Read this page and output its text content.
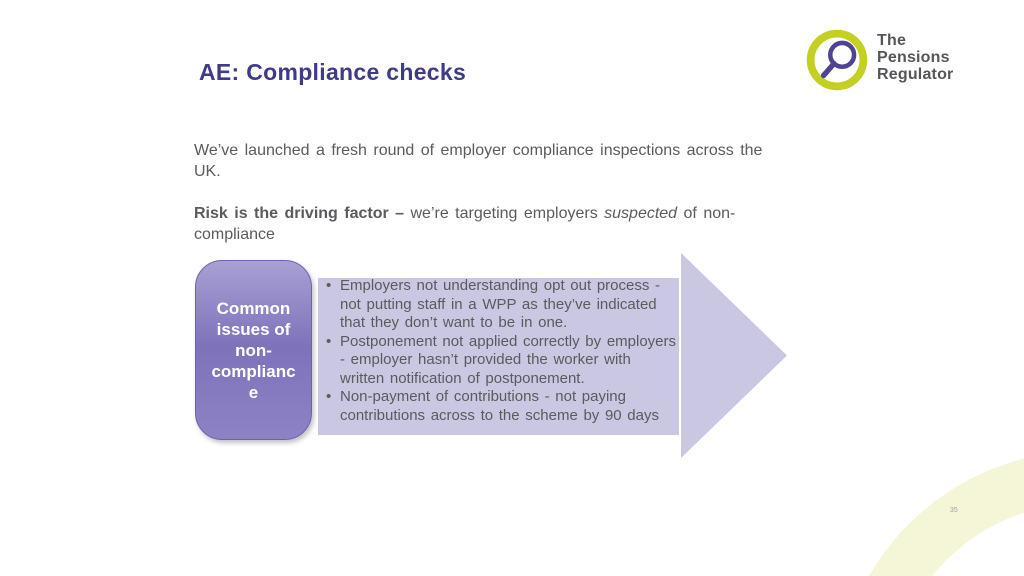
AE: Compliance checks
The
Pensions
Regulator

We’ve launched a fresh round of employer compliance inspections across the
UK.

Risk is the driving factor – we’re targeting employers suspected of non-
compliance

Common
issues of
non-
complianc
e
• Employers not understanding opt out process -
not putting staff in a WPP as they’ve indicated
that they don’t want to be in one.
• Postponement not applied correctly by employers
- employer hasn’t provided the worker with
written notification of postponement.
• Non-payment of contributions - not paying
contributions across to the scheme by 90 days
35
